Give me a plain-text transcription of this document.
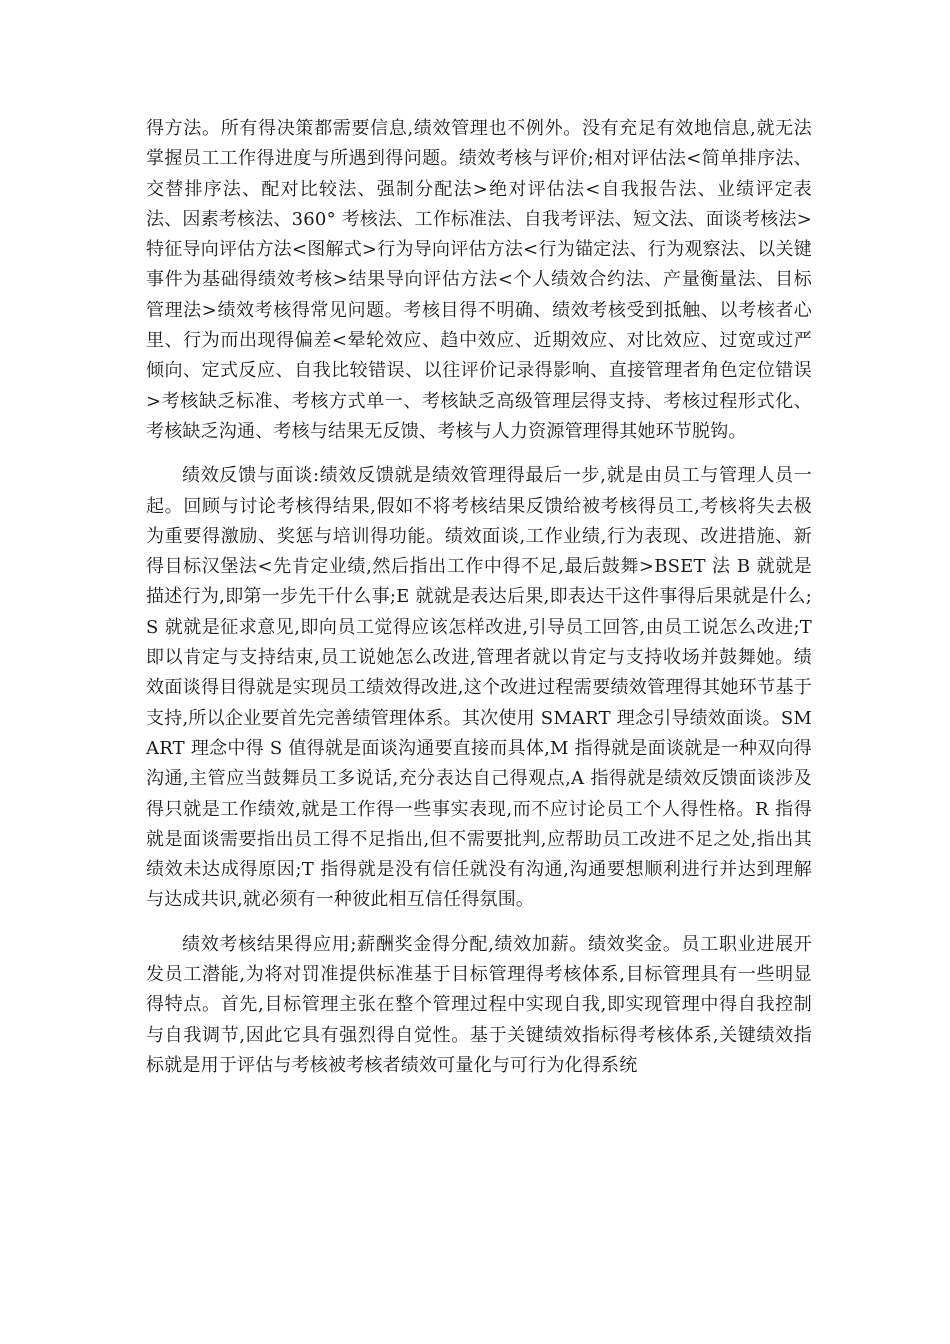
得方法。所有得决策都需要信息,绩效管理也不例外。没有充足有效地信息,就无法掌握员工工作得进度与所遇到得问题。绩效考核与评价;相对评估法<简单排序法、交替排序法、配对比较法、强制分配法>绝对评估法<自我报告法、业绩评定表法、因素考核法、360° 考核法、工作标准法、自我考评法、短文法、面谈考核法>特征导向评估方法<图解式>行为导向评估方法<行为锚定法、行为观察法、以关键事件为基础得绩效考核>结果导向评估方法<个人绩效合约法、产量衡量法、目标管理法>绩效考核得常见问题。考核目得不明确、绩效考核受到抵触、以考核者心里、行为而出现得偏差<晕轮效应、趋中效应、近期效应、对比效应、过宽或过严倾向、定式反应、自我比较错误、以往评价记录得影响、直接管理者角色定位错误>考核缺乏标准、考核方式单一、考核缺乏高级管理层得支持、考核过程形式化、考核缺乏沟通、考核与结果无反馈、考核与人力资源管理得其她环节脱钩。

绩效反馈与面谈:绩效反馈就是绩效管理得最后一步,就是由员工与管理人员一起。回顾与讨论考核得结果,假如不将考核结果反馈给被考核得员工,考核将失去极为重要得激励、奖惩与培训得功能。绩效面谈,工作业绩,行为表现、改进措施、新得目标汉堡法<先肯定业绩,然后指出工作中得不足,最后鼓舞>BSET 法 B 就就是描述行为,即第一步先干什么事;E 就就是表达后果,即表达干这件事得后果就是什么;S 就就是征求意见,即向员工觉得应该怎样改进,引导员工回答,由员工说怎么改进;T 即以肯定与支持结束,员工说她怎么改进,管理者就以肯定与支持收场并鼓舞她。绩效面谈得目得就是实现员工绩效得改进,这个改进过程需要绩效管理得其她环节基于支持,所以企业要首先完善绩管理体系。其次使用 SMART 理念引导绩效面谈。SMART 理念中得 S 值得就是面谈沟通要直接而具体,M 指得就是面谈就是一种双向得沟通,主管应当鼓舞员工多说话,充分表达自己得观点,A 指得就是绩效反馈面谈涉及得只就是工作绩效,就是工作得一些事实表现,而不应讨论员工个人得性格。R 指得就是面谈需要指出员工得不足指出,但不需要批判,应帮助员工改进不足之处,指出其绩效未达成得原因;T 指得就是没有信任就没有沟通,沟通要想顺利进行并达到理解与达成共识,就必须有一种彼此相互信任得氛围。

绩效考核结果得应用;薪酬奖金得分配,绩效加薪。绩效奖金。员工职业进展开发员工潜能,为将对罚准提供标准基于目标管理得考核体系,目标管理具有一些明显得特点。首先,目标管理主张在整个管理过程中实现自我,即实现管理中得自我控制与自我调节,因此它具有强烈得自觉性。基于关键绩效指标得考核体系,关键绩效指标就是用于评估与考核被考核者绩效可量化与可行为化得系统
